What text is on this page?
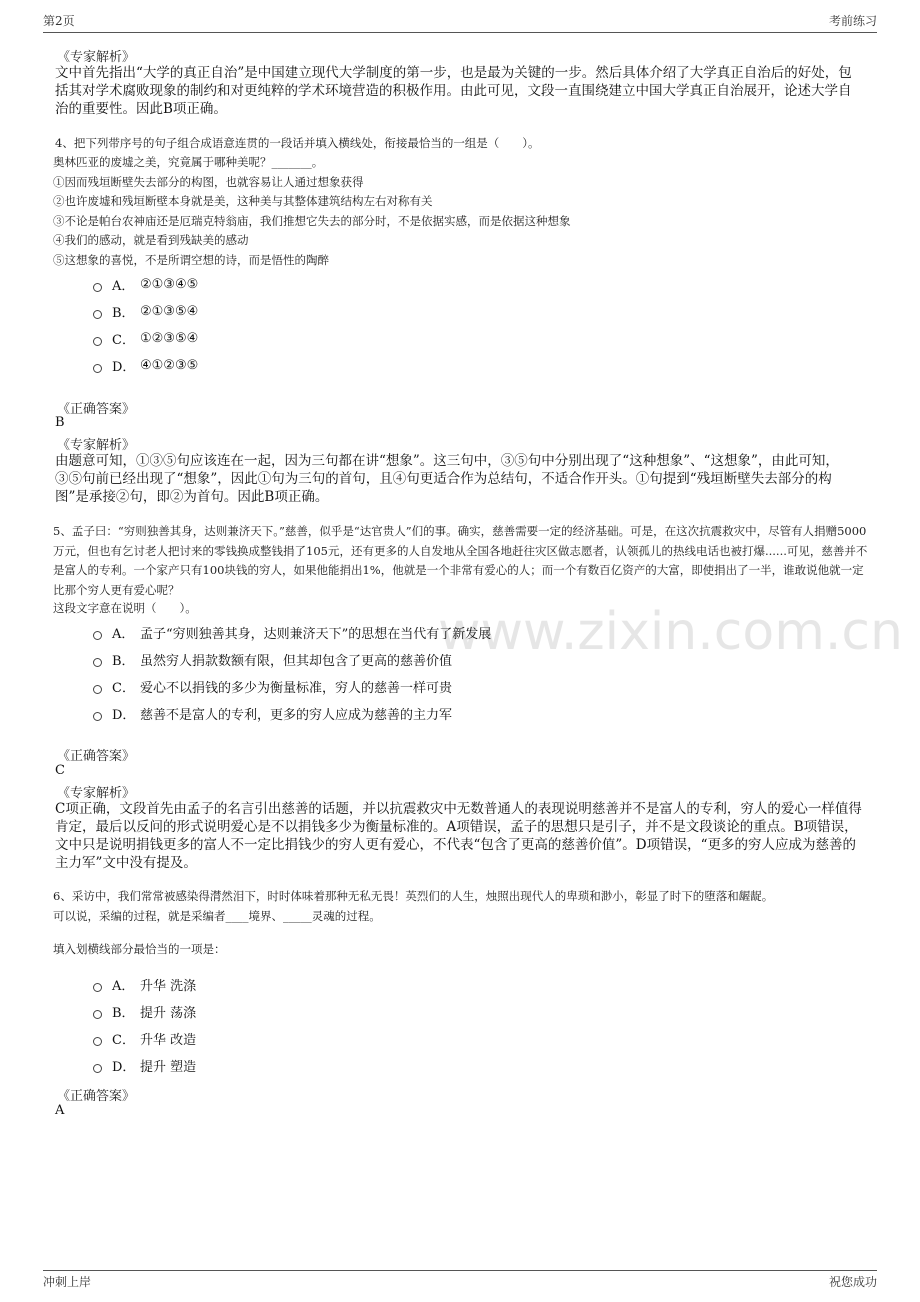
第2页	考前练习
www.zixin.com.cn
《专家解析》
文中首先指出“大学的真正自治”是中国建立现代大学制度的第一步，也是最为关键的一步。然后具体介绍了大学真正自治后的好处，包括其对学术腐败现象的制约和对更纯粹的学术环境营造的积极作用。由此可见，文段一直围绕建立中国大学真正自治展开，论述大学自治的重要性。因此B项正确。
4、把下列带序号的句子组合成语意连贯的一段话并填入横线处，衔接最恰当的一组是（　　）。
奥林匹亚的废墟之美，究竟属于哪种美呢？_______。
①因而残垣断壁失去部分的构图，也就容易让人通过想象获得
②也许废墟和残垣断壁本身就是美，这种美与其整体建筑结构左右对称有关
③不论是帕台农神庙还是厄瑞克特翁庙，我们推想它失去的部分时，不是依据实感，而是依据这种想象
④我们的感动，就是看到残缺美的感动
⑤这想象的喜悦，不是所谓空想的诗，而是悟性的陶醉
A． ②①③④⑤
B． ②①③⑤④
C． ①②③⑤④
D． ④①②③⑤
《正确答案》
B
《专家解析》
由题意可知，①③⑤句应该连在一起，因为三句都在讲“想象”。这三句中，③⑤句中分别出现了“这种想象”、“这想象”，由此可知，③⑤句前已经出现了“想象”，因此①句为三句的首句，且④句更适合作为总结句，不适合作开头。①句提到“残垣断壁失去部分的构图”是承接②句，即②为首句。因此B项正确。
5、孟子曰：“穷则独善其身，达则兼济天下。”慈善，似乎是“达官贵人”们的事。确实，慈善需要一定的经济基础。可是，在这次抗震救灾中，尽管有人捐赠5000万元，但也有乞讨老人把讨来的零钱换成整钱捐了105元，还有更多的人自发地从全国各地赶往灾区做志愿者，认领孤儿的热线电话也被打爆......可见，慈善并不是富人的专利。一个家产只有100块钱的穷人，如果他能捐出1%，他就是一个非常有爱心的人；而一个有数百亿资产的大富，即使捐出了一半，谁敢说他就一定比那个穷人更有爱心呢？
这段文字意在说明（　　）。
A． 孟子“穷则独善其身，达则兼济天下”的思想在当代有了新发展
B． 虽然穷人捐款数额有限，但其却包含了更高的慈善价值
C． 爱心不以捐钱的多少为衡量标准，穷人的慈善一样可贵
D． 慈善不是富人的专利，更多的穷人应成为慈善的主力军
《正确答案》
C
《专家解析》
C项正确，文段首先由孟子的名言引出慈善的话题，并以抗震救灾中无数普通人的表现说明慈善并不是富人的专利，穷人的爱心一样值得肯定，最后以反问的形式说明爱心是不以捐钱多少为衡量标准的。A项错误，孟子的思想只是引子，并不是文段谈论的重点。B项错误，文中只是说明捐钱更多的富人不一定比捐钱少的穷人更有爱心，不代表“包含了更高的慈善价值”。D项错误，“更多的穷人应成为慈善的主力军”文中没有提及。
6、采访中，我们常常被感染得潸然泪下，时时体味着那种无私无畏！英烈们的人生，烛照出现代人的卑琐和渺小，彰显了时下的堕落和龌龊。
可以说，采编的过程，就是采编者____境界、_____灵魂的过程。
填入划横线部分最恰当的一项是：
A． 升华 洗涤
B． 提升 荡涤
C． 升华 改造
D． 提升 塑造
《正确答案》
A
冲刺上岸	祝您成功
